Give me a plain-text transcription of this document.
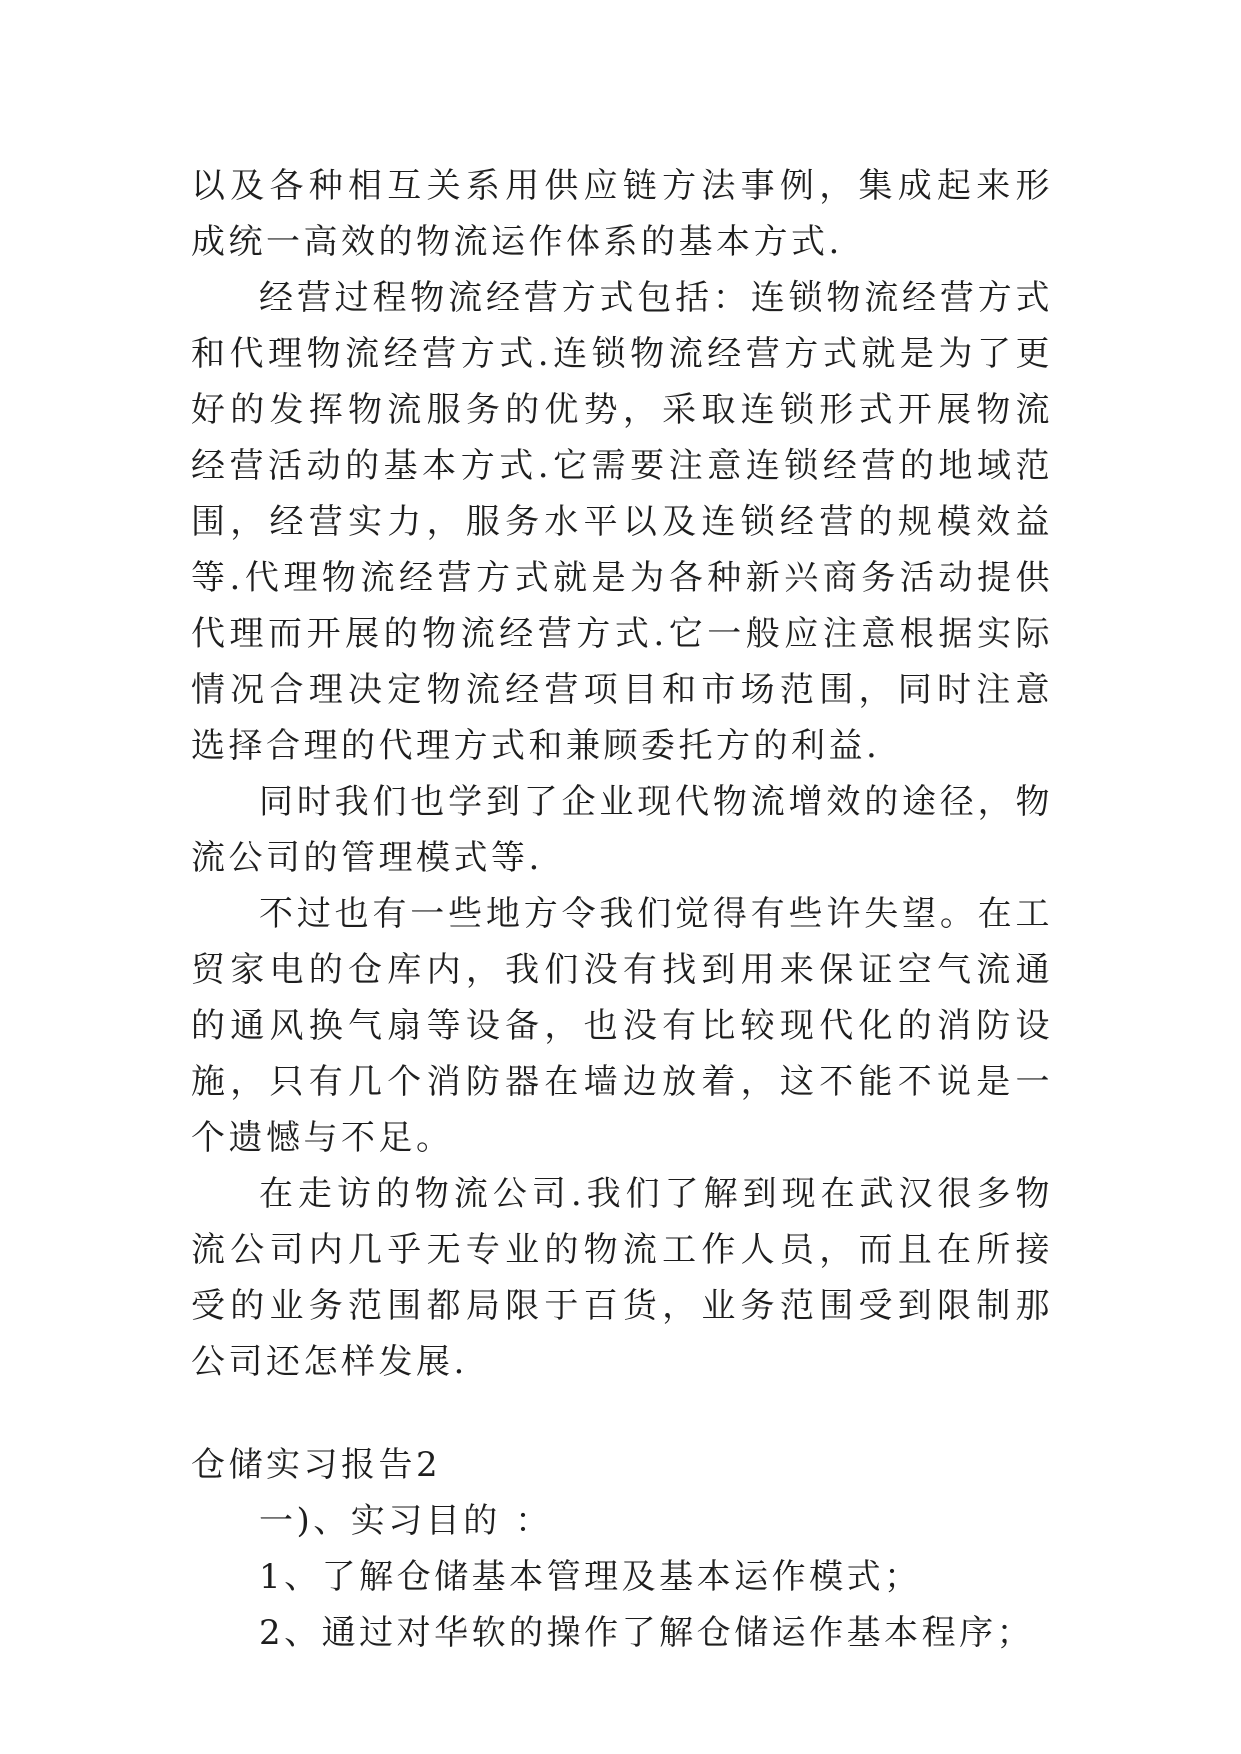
以及各种相互关系用供应链方法事例，集成起来形成统一高效的物流运作体系的基本方式.

经营过程物流经营方式包括：连锁物流经营方式和代理物流经营方式.连锁物流经营方式就是为了更好的发挥物流服务的优势，采取连锁形式开展物流经营活动的基本方式.它需要注意连锁经营的地域范围，经营实力，服务水平以及连锁经营的规模效益等.代理物流经营方式就是为各种新兴商务活动提供代理而开展的物流经营方式.它一般应注意根据实际情况合理决定物流经营项目和市场范围，同时注意选择合理的代理方式和兼顾委托方的利益.

同时我们也学到了企业现代物流增效的途径，物流公司的管理模式等.

不过也有一些地方令我们觉得有些许失望。在工贸家电的仓库内，我们没有找到用来保证空气流通的通风换气扇等设备，也没有比较现代化的消防设施，只有几个消防器在墙边放着，这不能不说是一个遗憾与不足。

在走访的物流公司.我们了解到现在武汉很多物流公司内几乎无专业的物流工作人员，而且在所接受的业务范围都局限于百货，业务范围受到限制那公司还怎样发展.

仓储实习报告2

一)、实习目的 ：

1、了解仓储基本管理及基本运作模式；

2、通过对华软的操作了解仓储运作基本程序；
